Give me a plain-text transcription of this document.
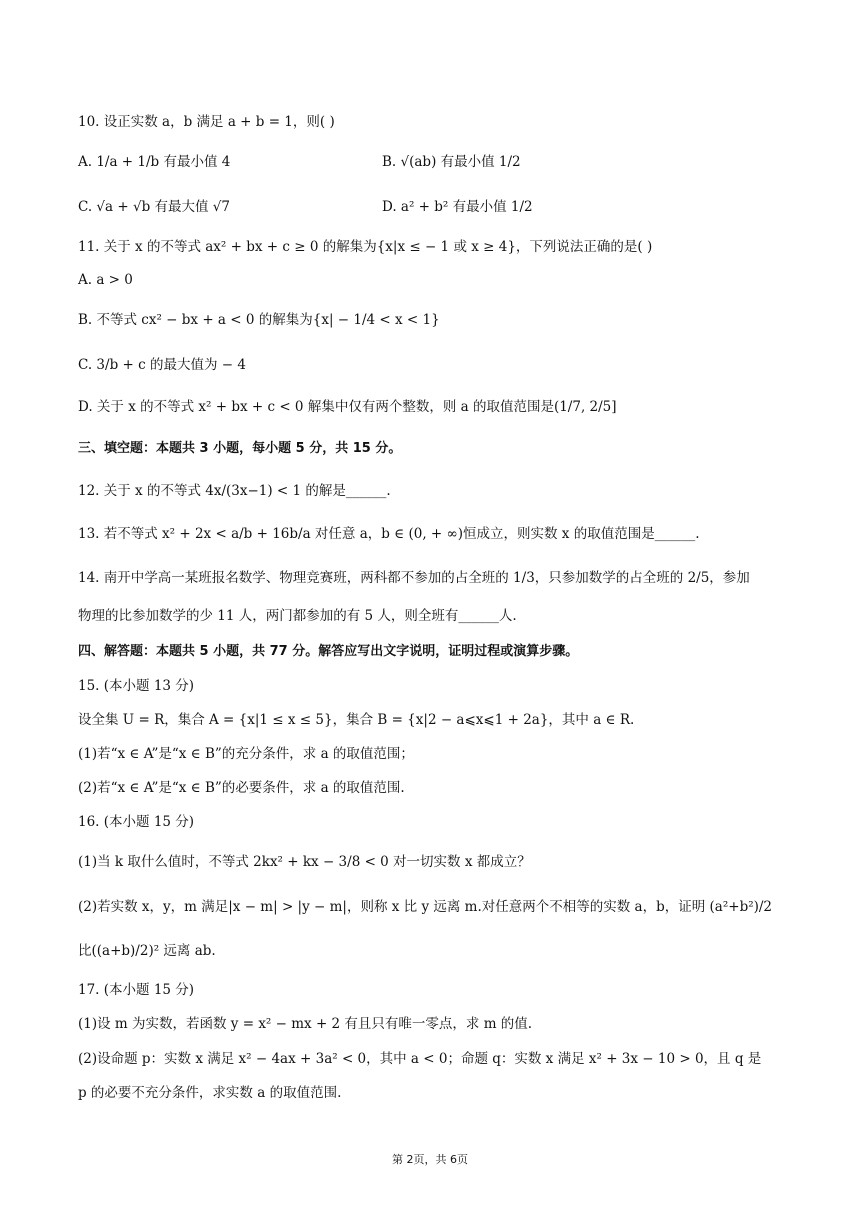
10. 设正实数 a，b 满足 a + b = 1，则( )
A. 1/a + 1/b 有最小值 4	B. √(ab) 有最小值 1/2
C. √a + √b 有最大值 √7	D. a² + b² 有最小值 1/2
11. 关于 x 的不等式 ax² + bx + c ≥ 0 的解集为{x|x ≤ − 1 或 x ≥ 4}，下列说法正确的是( )
A. a > 0
B. 不等式 cx² − bx + a < 0 的解集为{x| − 1/4 < x < 1}
C. 3/b + c 的最大值为 − 4
D. 关于 x 的不等式 x² + bx + c < 0 解集中仅有两个整数，则 a 的取值范围是(1/7, 2/5]
三、填空题：本题共 3 小题，每小题 5 分，共 15 分。
12. 关于 x 的不等式 4x/(3x−1) < 1 的解是______.
13. 若不等式 x² + 2x < a/b + 16b/a 对任意 a，b ∈ (0, + ∞)恒成立，则实数 x 的取值范围是______.
14. 南开中学高一某班报名数学、物理竞赛班，两科都不参加的占全班的 1/3，只参加数学的占全班的 2/5，参加
物理的比参加数学的少 11 人，两门都参加的有 5 人，则全班有______人.
四、解答题：本题共 5 小题，共 77 分。解答应写出文字说明，证明过程或演算步骤。
15. (本小题 13 分)
设全集 U = R，集合 A = {x|1 ≤ x ≤ 5}，集合 B = {x|2 − a⩽x⩽1 + 2a}，其中 a ∈ R.
(1)若“x ∈ A”是“x ∈ B”的充分条件，求 a 的取值范围；
(2)若“x ∈ A”是“x ∈ B”的必要条件，求 a 的取值范围.
16. (本小题 15 分)
(1)当 k 取什么值时，不等式 2kx² + kx − 3/8 < 0 对一切实数 x 都成立？
(2)若实数 x，y，m 满足|x − m| > |y − m|，则称 x 比 y 远离 m.对任意两个不相等的实数 a，b，证明 (a²+b²)/2
比((a+b)/2)² 远离 ab.
17. (本小题 15 分)
(1)设 m 为实数，若函数 y = x² − mx + 2 有且只有唯一零点，求 m 的值.
(2)设命题 p：实数 x 满足 x² − 4ax + 3a² < 0，其中 a < 0；命题 q：实数 x 满足 x² + 3x − 10 > 0，且 q 是
p 的必要不充分条件，求实数 a 的取值范围.
第 2页，共 6页
